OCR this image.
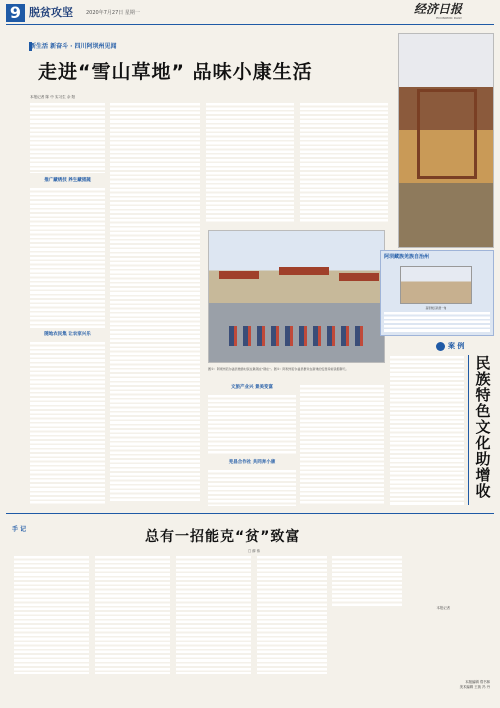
9 脱贫攻坚	2020年7月27日 星期一	经济日报
ECONOMIC DAILY
新生活 新奋斗 · 四川阿坝州见闻
走进“雪山草地” 品味小康生活
本报记者 陈 中 实习生 余 阳
推广藏绣技 养生藏猪蔬
随地农民集 让农家兴乐
图①：阿坝州若尔盖县旅游村民在跳锅庄“锅庄”。图②：阿坝州若尔盖县群众在新建的安居房前读报聊天。
文旅产业兴 景美变富
羌昌合作社 共同奔小康
阿坝藏族羌族自治州
高原牧区新居一角
案 例
民族特色文化助增收
手 记	总有一招能克“贫”致富
□ 薛 伟
本报记者
本版编辑 郑书林
美术编辑 王荻 冯 丹
